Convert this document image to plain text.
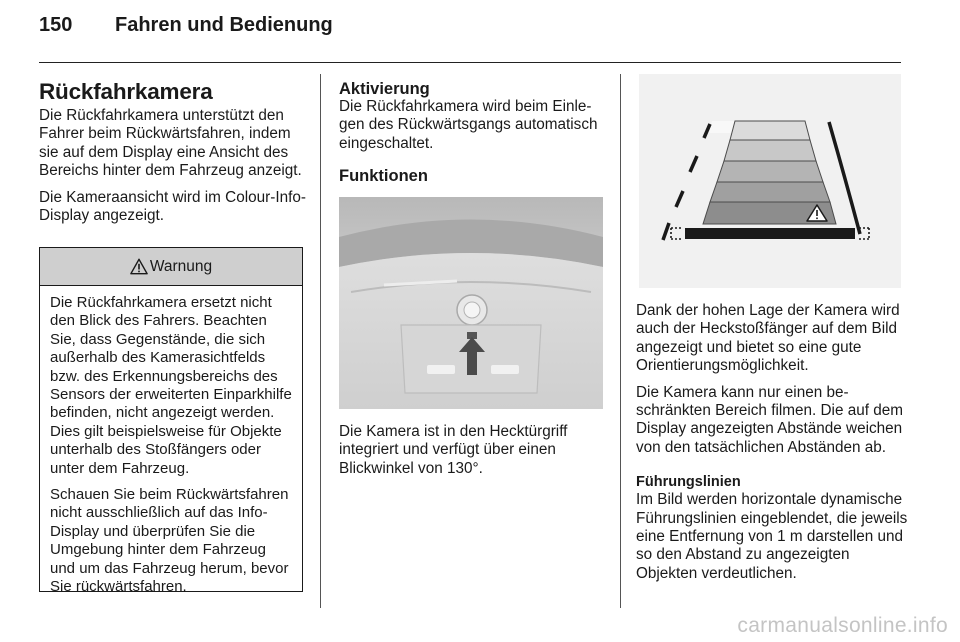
150	Fahren und Bedienung
Rückfahrkamera

Die Rückfahrkamera unterstützt den Fahrer beim Rückwärtsfahren, indem sie auf dem Display eine Ansicht des Bereichs hinter dem Fahrzeug anzeigt.

Die Kameraansicht wird im Colour-Info-Display angezeigt.

Warnung

Die Rückfahrkamera ersetzt nicht den Blick des Fahrers. Beachten Sie, dass Gegenstände, die sich außerhalb des Kamerasichtfelds bzw. des Erkennungsbereichs des Sensors der erweiterten Einparkhilfe befinden, nicht angezeigt werden. Dies gilt beispielsweise für Objekte unterhalb des Stoßfängers oder unter dem Fahrzeug.

Schauen Sie beim Rückwärtsfahren nicht ausschließlich auf das Info-Display und überprüfen Sie die Umgebung hinter dem Fahrzeug und um das Fahrzeug herum, bevor Sie rückwärtsfahren.

Aktivierung

Die Rückfahrkamera wird beim Einlegen des Rückwärtsgangs automatisch eingeschaltet.

Funktionen

Die Kamera ist in den Hecktürgriff integriert und verfügt über einen Blickwinkel von 130°.

Dank der hohen Lage der Kamera wird auch der Heckstoßfänger auf dem Bild angezeigt und bietet so eine gute Orientierungsmöglichkeit.

Die Kamera kann nur einen beschränkten Bereich filmen. Die auf dem Display angezeigten Abstände weichen von den tatsächlichen Abständen ab.

Führungslinien

Im Bild werden horizontale dynamische Führungslinien eingeblendet, die jeweils eine Entfernung von 1 m darstellen und so den Abstand zu angezeigten Objekten verdeutlichen.

carmanualsonline.info
